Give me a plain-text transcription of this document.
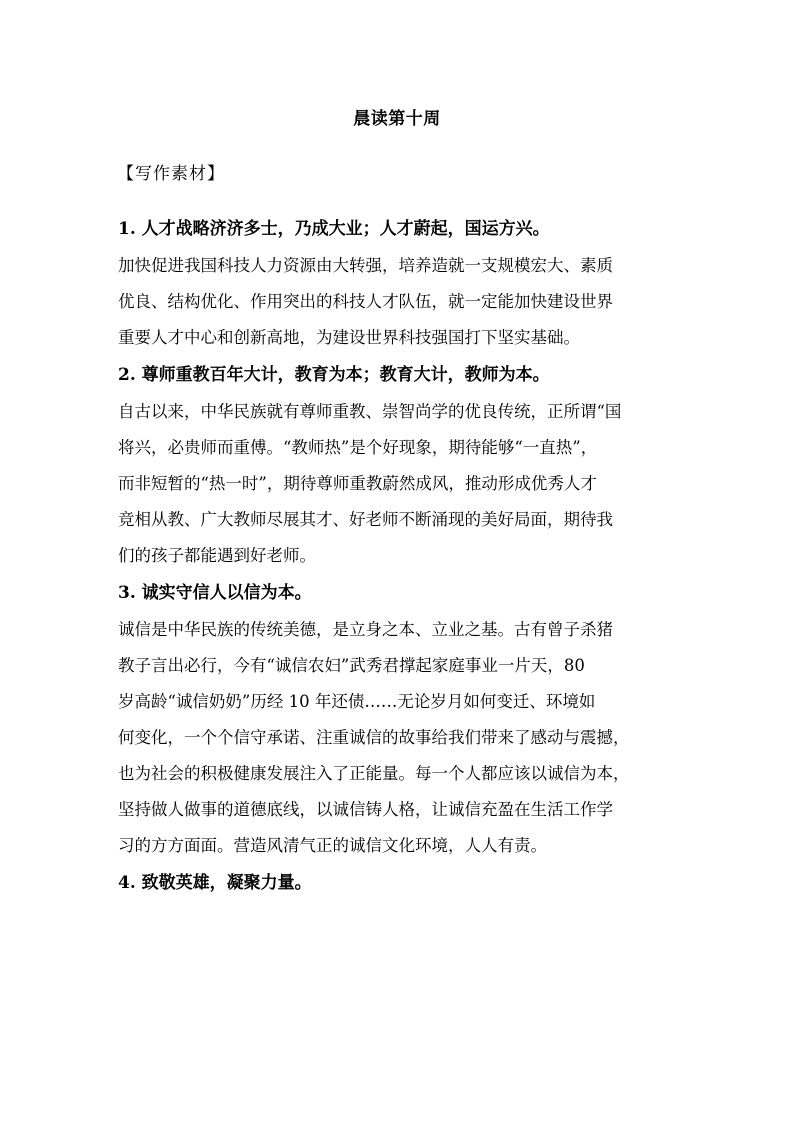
晨读第十周
【写作素材】

1. 人才战略济济多士，乃成大业；人才蔚起，国运方兴。

加快促进我国科技人力资源由大转强，培养造就一支规模宏大、素质

优良、结构优化、作用突出的科技人才队伍，就一定能加快建设世界

重要人才中心和创新高地，为建设世界科技强国打下坚实基础。

2. 尊师重教百年大计，教育为本；教育大计，教师为本。

自古以来，中华民族就有尊师重教、崇智尚学的优良传统，正所谓“国

将兴，必贵师而重傅。“教师热”是个好现象，期待能够“一直热”，

而非短暂的“热一时”，期待尊师重教蔚然成风，推动形成优秀人才

竞相从教、广大教师尽展其才、好老师不断涌现的美好局面，期待我

们的孩子都能遇到好老师。

3. 诚实守信人以信为本。

诚信是中华民族的传统美德，是立身之本、立业之基。古有曾子杀猪

教子言出必行，今有“诚信农妇”武秀君撑起家庭事业一片天，80

岁高龄“诚信奶奶”历经 10 年还债……无论岁月如何变迁、环境如

何变化，一个个信守承诺、注重诚信的故事给我们带来了感动与震撼，

也为社会的积极健康发展注入了正能量。每一个人都应该以诚信为本，

坚持做人做事的道德底线，以诚信铸人格，让诚信充盈在生活工作学

习的方方面面。营造风清气正的诚信文化环境，人人有责。

4. 致敬英雄，凝聚力量。
